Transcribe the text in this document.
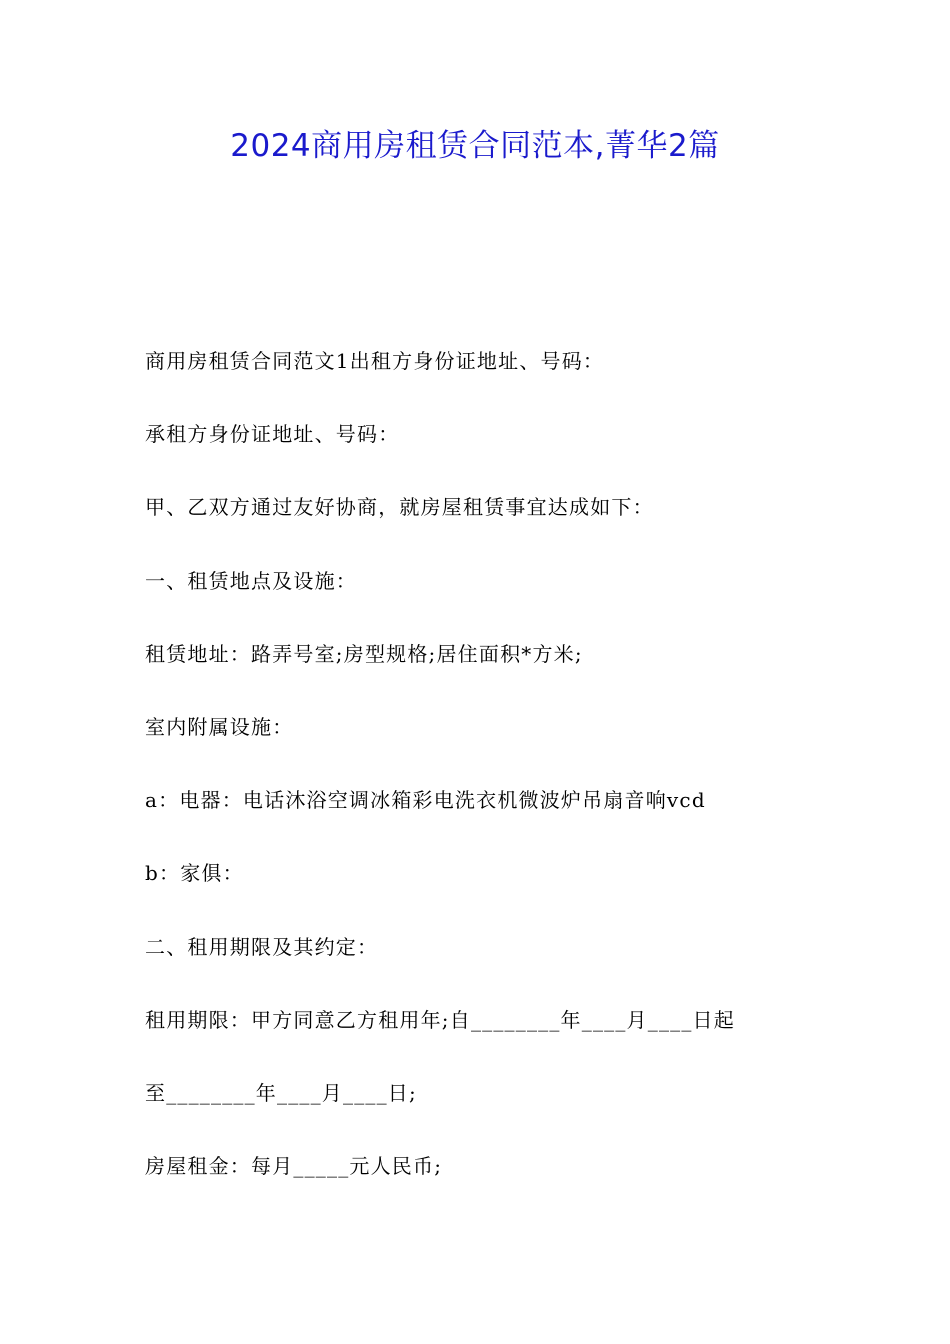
2024商用房租赁合同范本,菁华2篇

商用房租赁合同范文1出租方身份证地址、号码：

承租方身份证地址、号码：

甲、乙双方通过友好协商，就房屋租赁事宜达成如下：

一、租赁地点及设施：

租赁地址：路弄号室;房型规格;居住面积*方米;

室内附属设施：

a：电器：电话沐浴空调冰箱彩电洗衣机微波炉吊扇音响vcd

b：家俱：

二、租用期限及其约定：

租用期限：甲方同意乙方租用年;自________年____月____日起

至________年____月____日;

房屋租金：每月_____元人民币;
